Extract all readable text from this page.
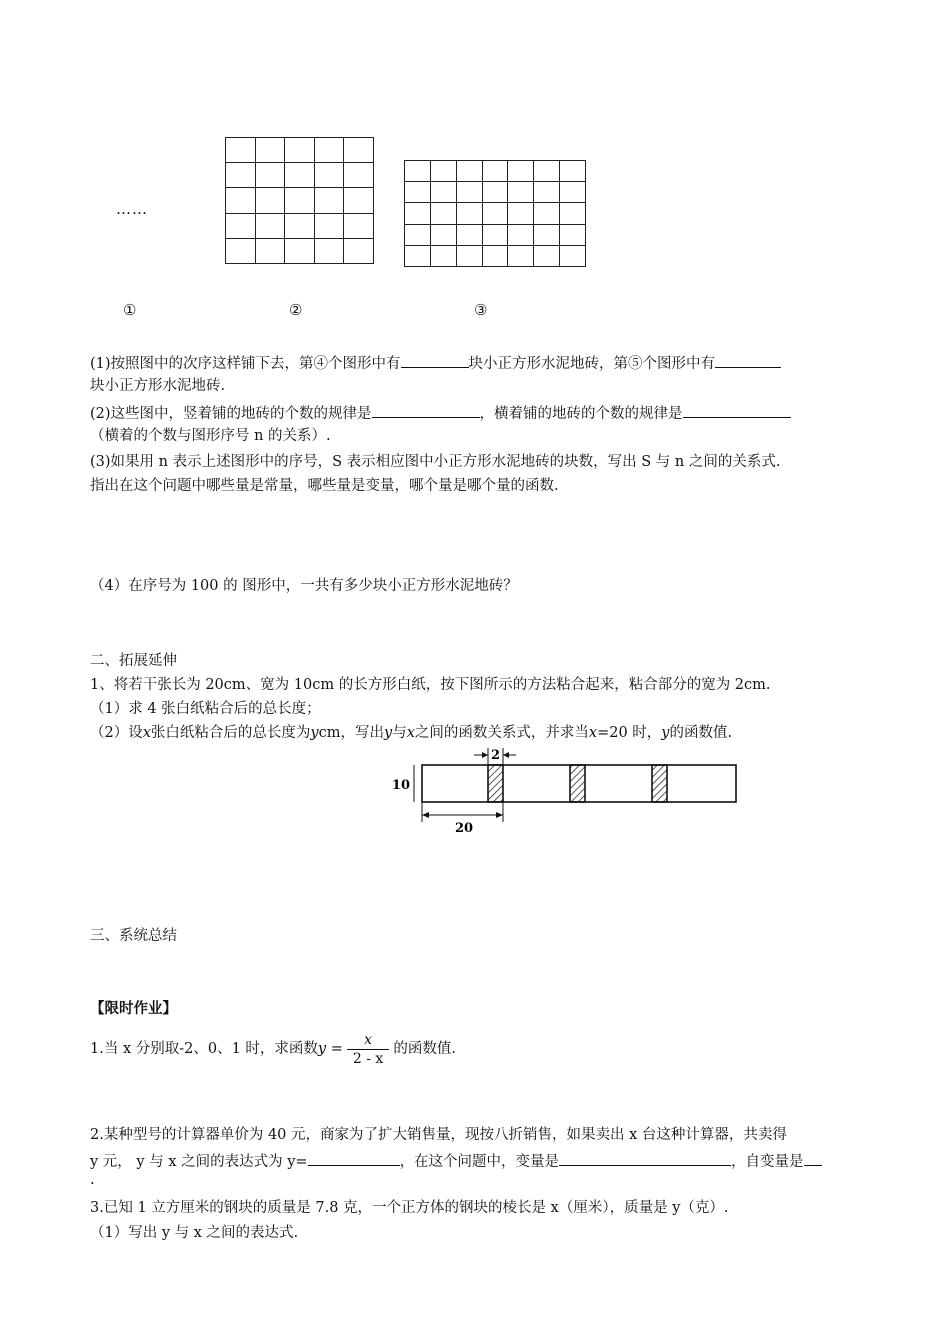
……
①	②	③
(1)按照图中的次序这样铺下去，第④个图形中有	块小正方形水泥地砖，第⑤个图形中有
块小正方形水泥地砖.
(2)这些图中，竖着铺的地砖的个数的规律是	，横着铺的地砖的个数的规律是
（横着的个数与图形序号 n 的关系）.
(3)如果用 n 表示上述图形中的序号，S 表示相应图中小正方形水泥地砖的块数，写出 S 与 n 之间的关系式.
指出在这个问题中哪些量是常量，哪些量是变量，哪个量是哪个量的函数.
（4）在序号为 100 的 图形中，一共有多少块小正方形水泥地砖？
二、拓展延伸
1、将若干张长为 20cm、宽为 10cm 的长方形白纸，按下图所示的方法粘合起来，粘合部分的宽为 2cm.
（1）求 4 张白纸粘合后的总长度；
（2）设x张白纸粘合后的总长度为ycm，写出y与x之间的函数关系式，并求当x=20 时，y的函数值.
10
2
20
三、系统总结
【限时作业】
1.当 x 分别取-2、0、1 时，求函数$y = \frac{x}{2 - x}$ 的函数值.
2.某种型号的计算器单价为 40 元，商家为了扩大销售量，现按八折销售，如果卖出 x 台这种计算器，共卖得
y 元， y 与 x 之间的表达式为 y=	，在这个问题中，变量是	，自变量是
.
3.已知 1 立方厘米的钢块的质量是 7.8 克，一个正方体的钢块的棱长是 x（厘米），质量是 y（克）.
（1）写出 y 与 x 之间的表达式.
